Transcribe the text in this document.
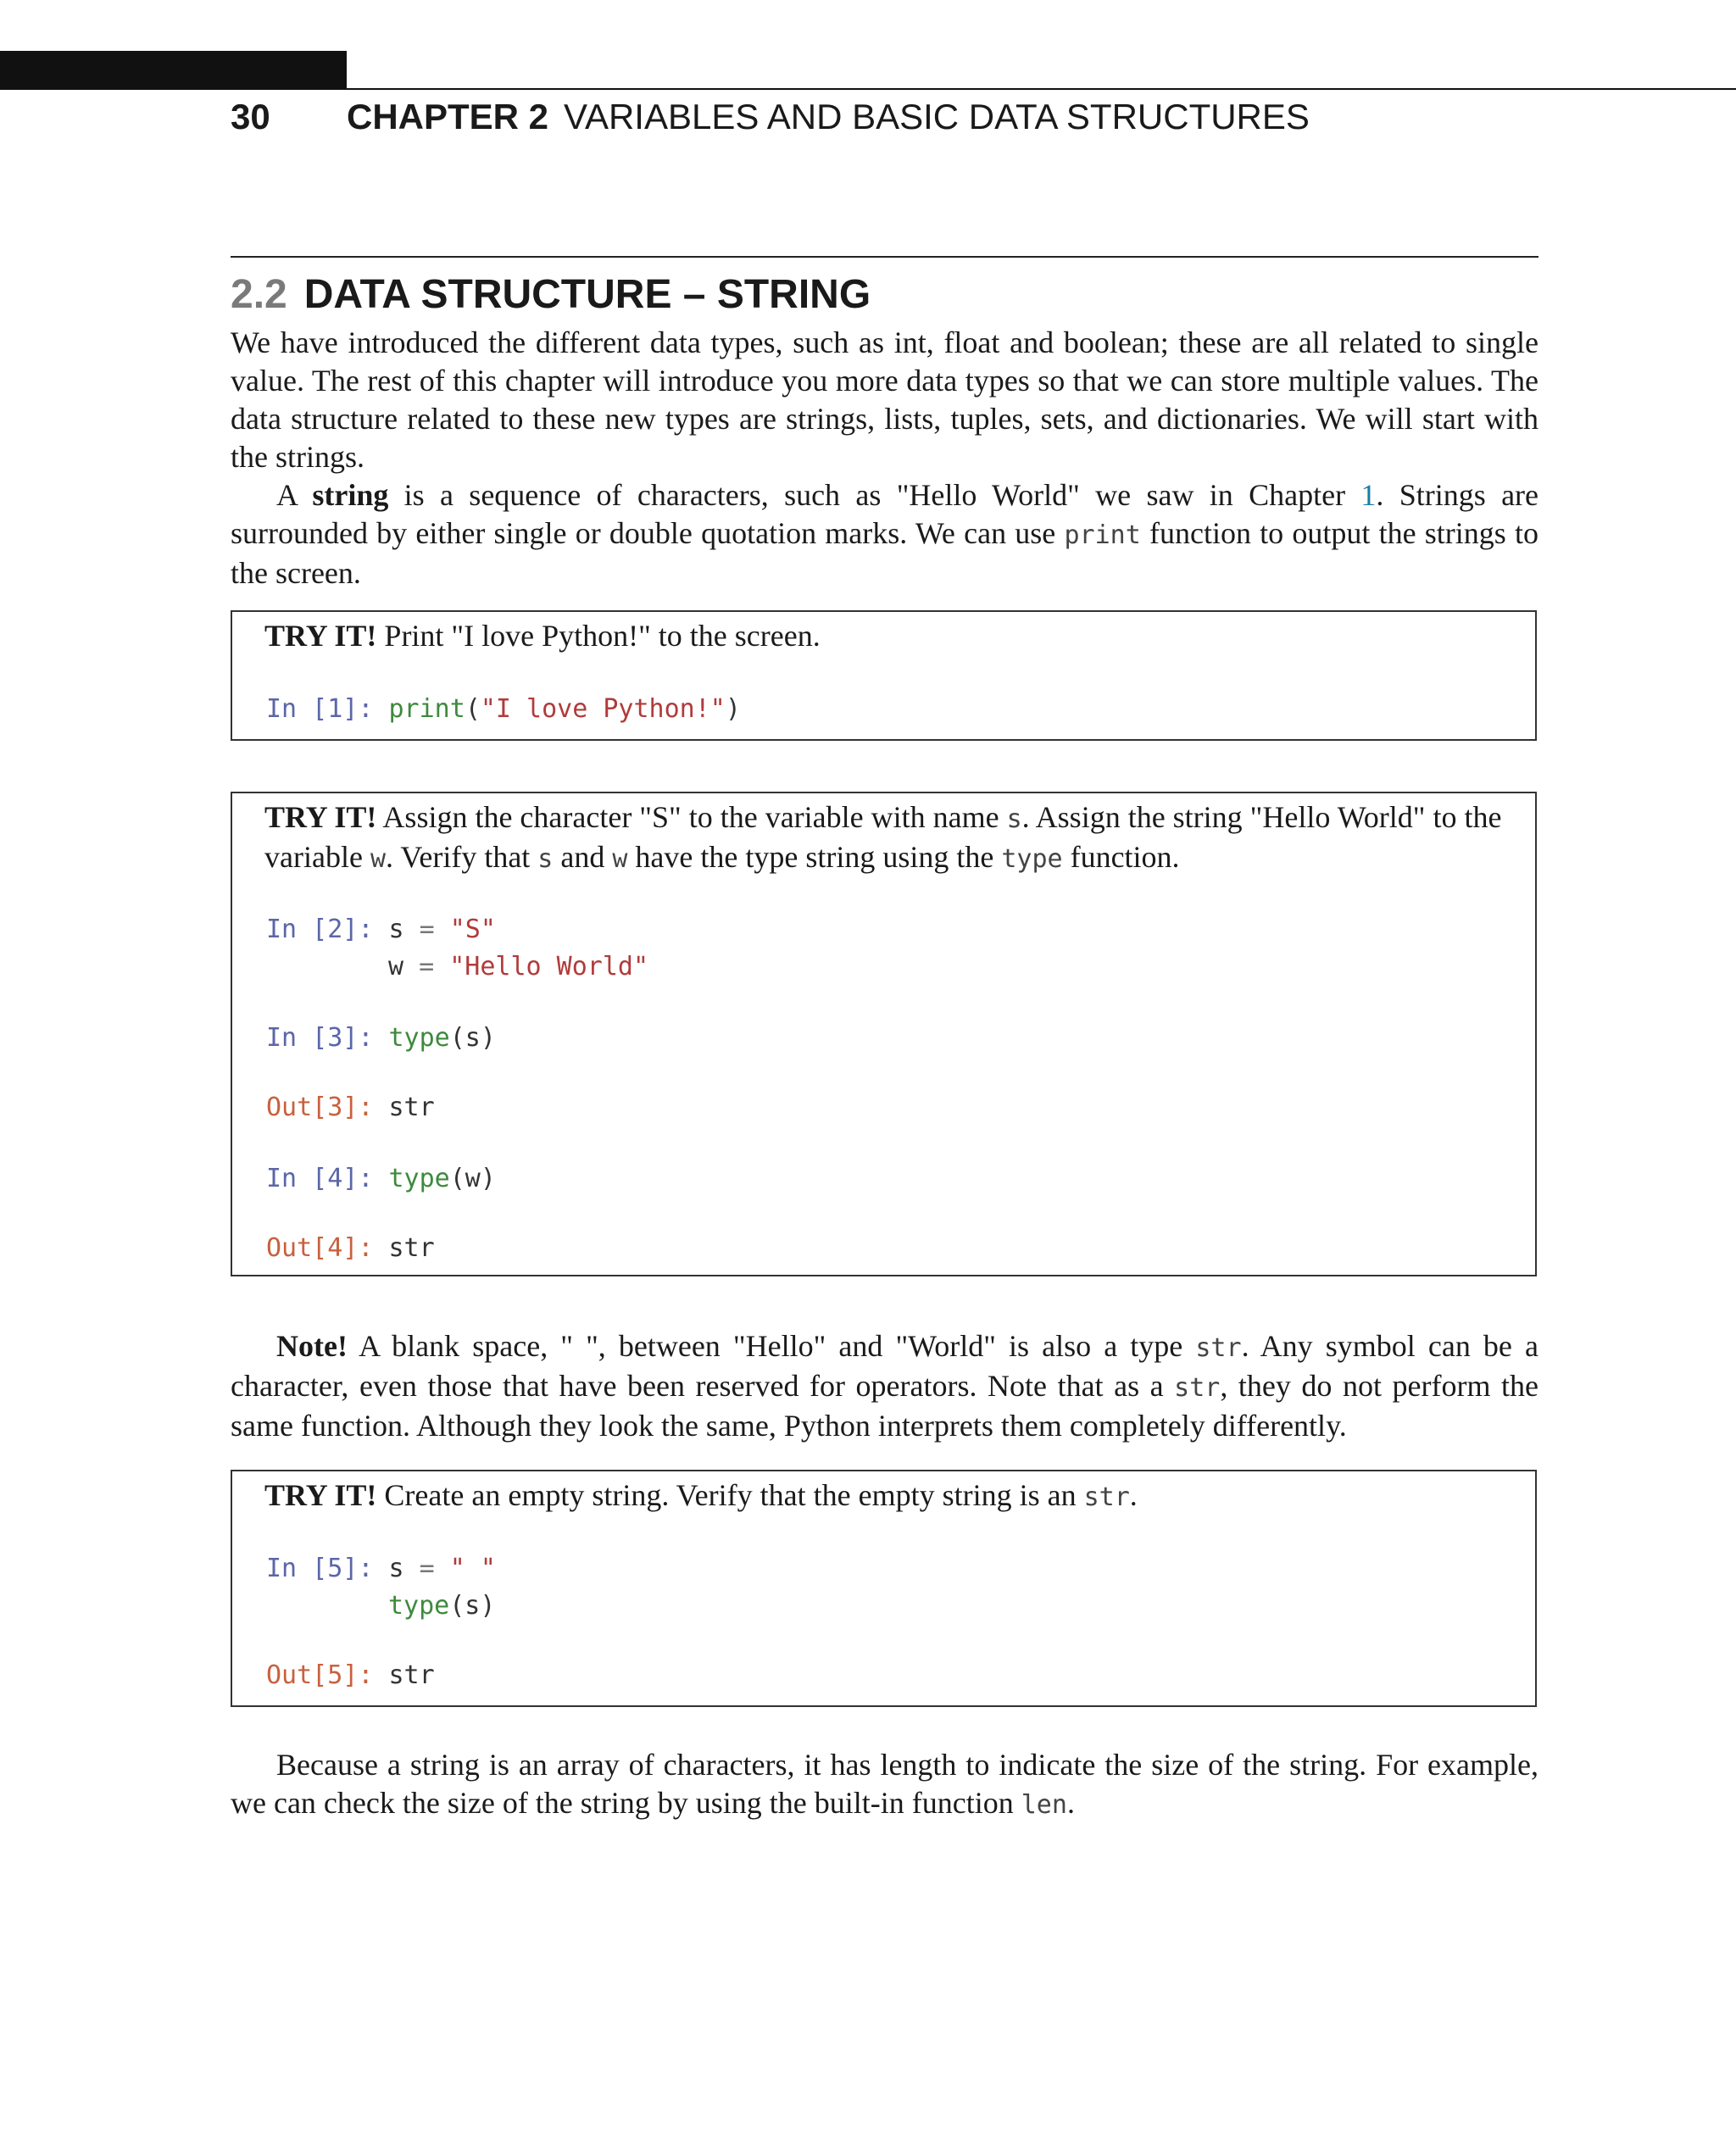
30 CHAPTER 2 VARIABLES AND BASIC DATA STRUCTURES
2.2 DATA STRUCTURE – STRING

We have introduced the different data types, such as int, float and boolean; these are all related to single value. The rest of this chapter will introduce you more data types so that we can store multiple values. The data structure related to these new types are strings, lists, tuples, sets, and dictionaries. We will start with the strings.

A string is a sequence of characters, such as "Hello World" we saw in Chapter 1. Strings are surrounded by either single or double quotation marks. We can use print function to output the strings to the screen.

TRY IT! Print "I love Python!" to the screen.

In [1]: print("I love Python!")

TRY IT! Assign the character "S" to the variable with name s. Assign the string "Hello World" to the variable w. Verify that s and w have the type string using the type function.

In [2]: s = "S"
w = "Hello World"
In [3]: type(s)
Out[3]: str
In [4]: type(w)
Out[4]: str

Note! A blank space, " ", between "Hello" and "World" is also a type str. Any symbol can be a character, even those that have been reserved for operators. Note that as a str, they do not perform the same function. Although they look the same, Python interprets them completely differently.

TRY IT! Create an empty string. Verify that the empty string is an str.

In [5]: s = " "
type(s)
Out[5]: str

Because a string is an array of characters, it has length to indicate the size of the string. For example, we can check the size of the string by using the built-in function len.
